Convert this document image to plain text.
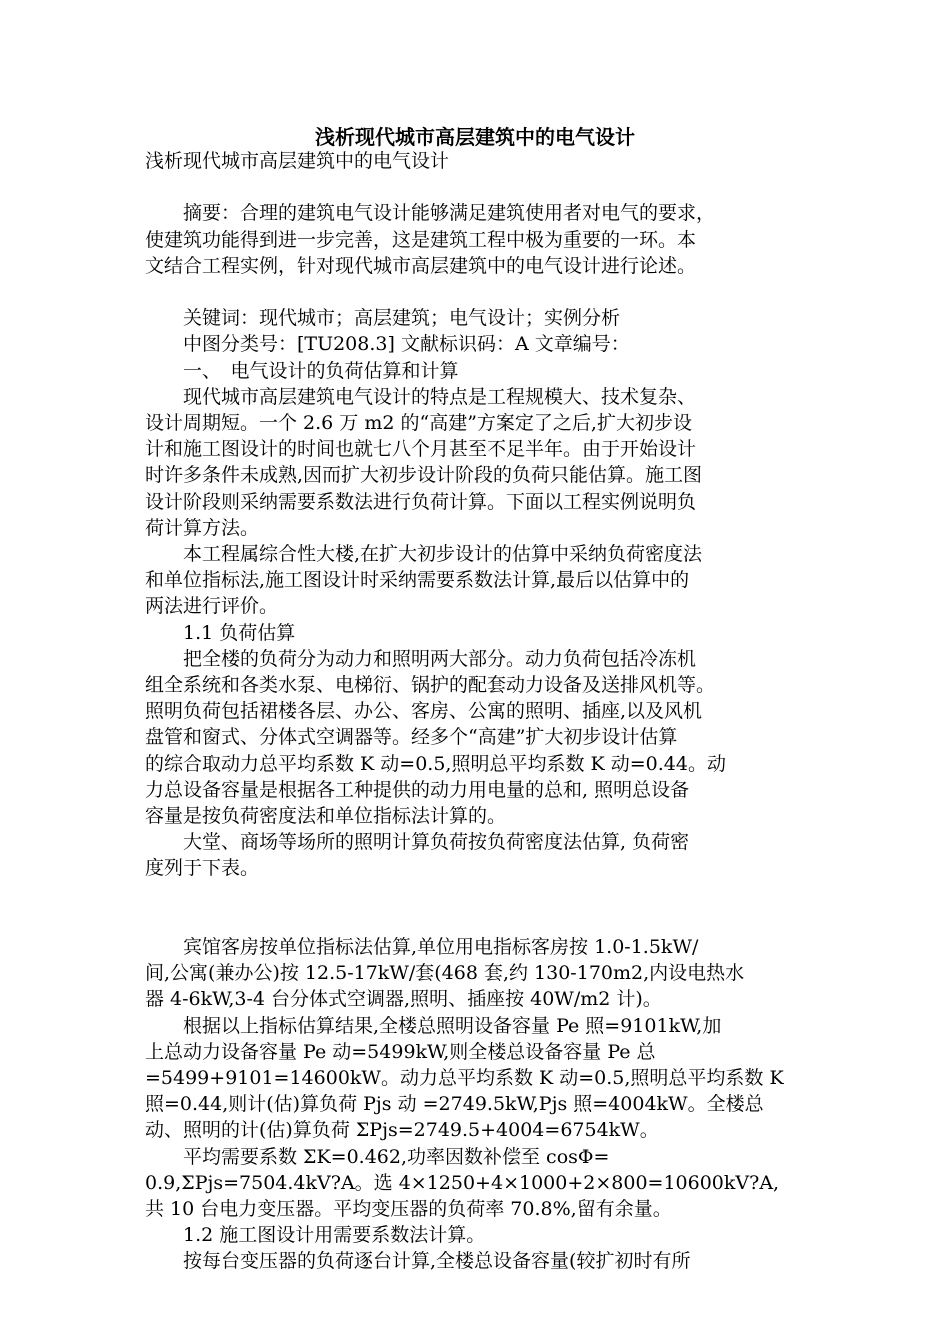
浅析现代城市高层建筑中的电气设计

浅析现代城市高层建筑中的电气设计

　　摘要：合理的建筑电气设计能够满足建筑使用者对电气的要求，

使建筑功能得到进一步完善，这是建筑工程中极为重要的一环。本

文结合工程实例，针对现代城市高层建筑中的电气设计进行论述。

　　关键词：现代城市；高层建筑；电气设计；实例分析

　　中图分类号：[TU208.3] 文献标识码：A 文章编号：

　　一、　电气设计的负荷估算和计算

　　现代城市高层建筑电气设计的特点是工程规模大、技术复杂、

设计周期短。一个 2.6 万 m2 的“高建”方案定了之后,扩大初步设

计和施工图设计的时间也就七八个月甚至不足半年。由于开始设计

时许多条件未成熟,因而扩大初步设计阶段的负荷只能估算。施工图

设计阶段则采纳需要系数法进行负荷计算。下面以工程实例说明负

荷计算方法。

　　本工程属综合性大楼,在扩大初步设计的估算中采纳负荷密度法

和单位指标法,施工图设计时采纳需要系数法计算,最后以估算中的

两法进行评价。

　　1.1 负荷估算

　　把全楼的负荷分为动力和照明两大部分。动力负荷包括冷冻机

组全系统和各类水泵、电梯衍、锅护的配套动力设备及送排风机等。

照明负荷包括裙楼各层、办公、客房、公寓的照明、插座,以及风机

盘管和窗式、分体式空调器等。经多个“高建”扩大初步设计估算

的综合取动力总平均系数 K 动=0.5,照明总平均系数 K 动=0.44。动

力总设备容量是根据各工种提供的动力用电量的总和, 照明总设备

容量是按负荷密度法和单位指标法计算的。

　　大堂、商场等场所的照明计算负荷按负荷密度法估算, 负荷密

度列于下表。

　　宾馆客房按单位指标法估算,单位用电指标客房按 1.0-1.5kW/

间,公寓(兼办公)按 12.5-17kW/套(468 套,约 130-170m2,内设电热水

器 4-6kW,3-4 台分体式空调器,照明、插座按 40W/m2 计)。

　　根据以上指标估算结果,全楼总照明设备容量 Pe 照=9101kW,加

上总动力设备容量 Pe 动=5499kW,则全楼总设备容量 Pe 总

=5499+9101=14600kW。动力总平均系数 K 动=0.5,照明总平均系数 K

照=0.44,则计(估)算负荷 Pjs 动 =2749.5kW,Pjs 照=4004kW。全楼总

动、照明的计(估)算负荷 ΣPjs=2749.5+4004=6754kW。

　　平均需要系数 ΣK=0.462,功率因数补偿至 cosΦ=

0.9,ΣPjs=7504.4kV?A。选 4×1250+4×1000+2×800=10600kV?A,

共 10 台电力变压器。平均变压器的负荷率 70.8%,留有余量。

　　1.2 施工图设计用需要系数法计算。

　　按每台变压器的负荷逐台计算,全楼总设备容量(较扩初时有所
